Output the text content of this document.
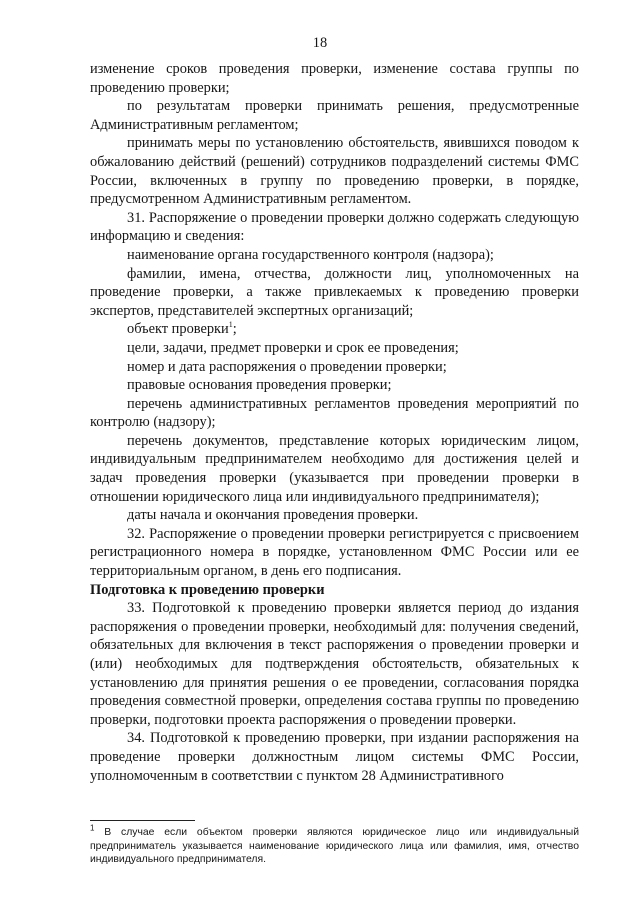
18

изменение сроков проведения проверки, изменение состава группы по проведению проверки;

по результатам проверки принимать решения, предусмотренные Административным регламентом;

принимать меры по установлению обстоятельств, явившихся поводом к обжалованию действий (решений) сотрудников подразделений системы ФМС России, включенных в группу по проведению проверки, в порядке, предусмотренном Административным регламентом.

31. Распоряжение о проведении проверки должно содержать следующую информацию и сведения:

наименование органа государственного контроля (надзора);

фамилии, имена, отчества, должности лиц, уполномоченных на проведение проверки, а также привлекаемых к проведению проверки экспертов, представителей экспертных организаций;

объект проверки$^1$;

цели, задачи, предмет проверки и срок ее проведения;

номер и дата распоряжения о проведении проверки;

правовые основания проведения проверки;

перечень административных регламентов проведения мероприятий по контролю (надзору);

перечень документов, представление которых юридическим лицом, индивидуальным предпринимателем необходимо для достижения целей и задач проведения проверки (указывается при проведении проверки в отношении юридического лица или индивидуального предпринимателя);

даты начала и окончания проведения проверки.

32. Распоряжение о проведении проверки регистрируется с присвоением регистрационного номера в порядке, установленном ФМС России или ее территориальным органом, в день его подписания.

Подготовка к проведению проверки

33. Подготовкой к проведению проверки является период до издания распоряжения о проведении проверки, необходимый для: получения сведений, обязательных для включения в текст распоряжения о проведении проверки и (или) необходимых для подтверждения обстоятельств, обязательных к установлению для принятия решения о ее проведении, согласования порядка проведения совместной проверки, определения состава группы по проведению проверки, подготовки проекта распоряжения о проведении проверки.

34. Подготовкой к проведению проверки, при издании распоряжения на проведение проверки должностным лицом системы ФМС России, уполномоченным в соответствии с пунктом 28 Административного

$^1$ В случае если объектом проверки являются юридическое лицо или индивидуальный предприниматель указывается наименование юридического лица или фамилия, имя, отчество индивидуального предпринимателя.
